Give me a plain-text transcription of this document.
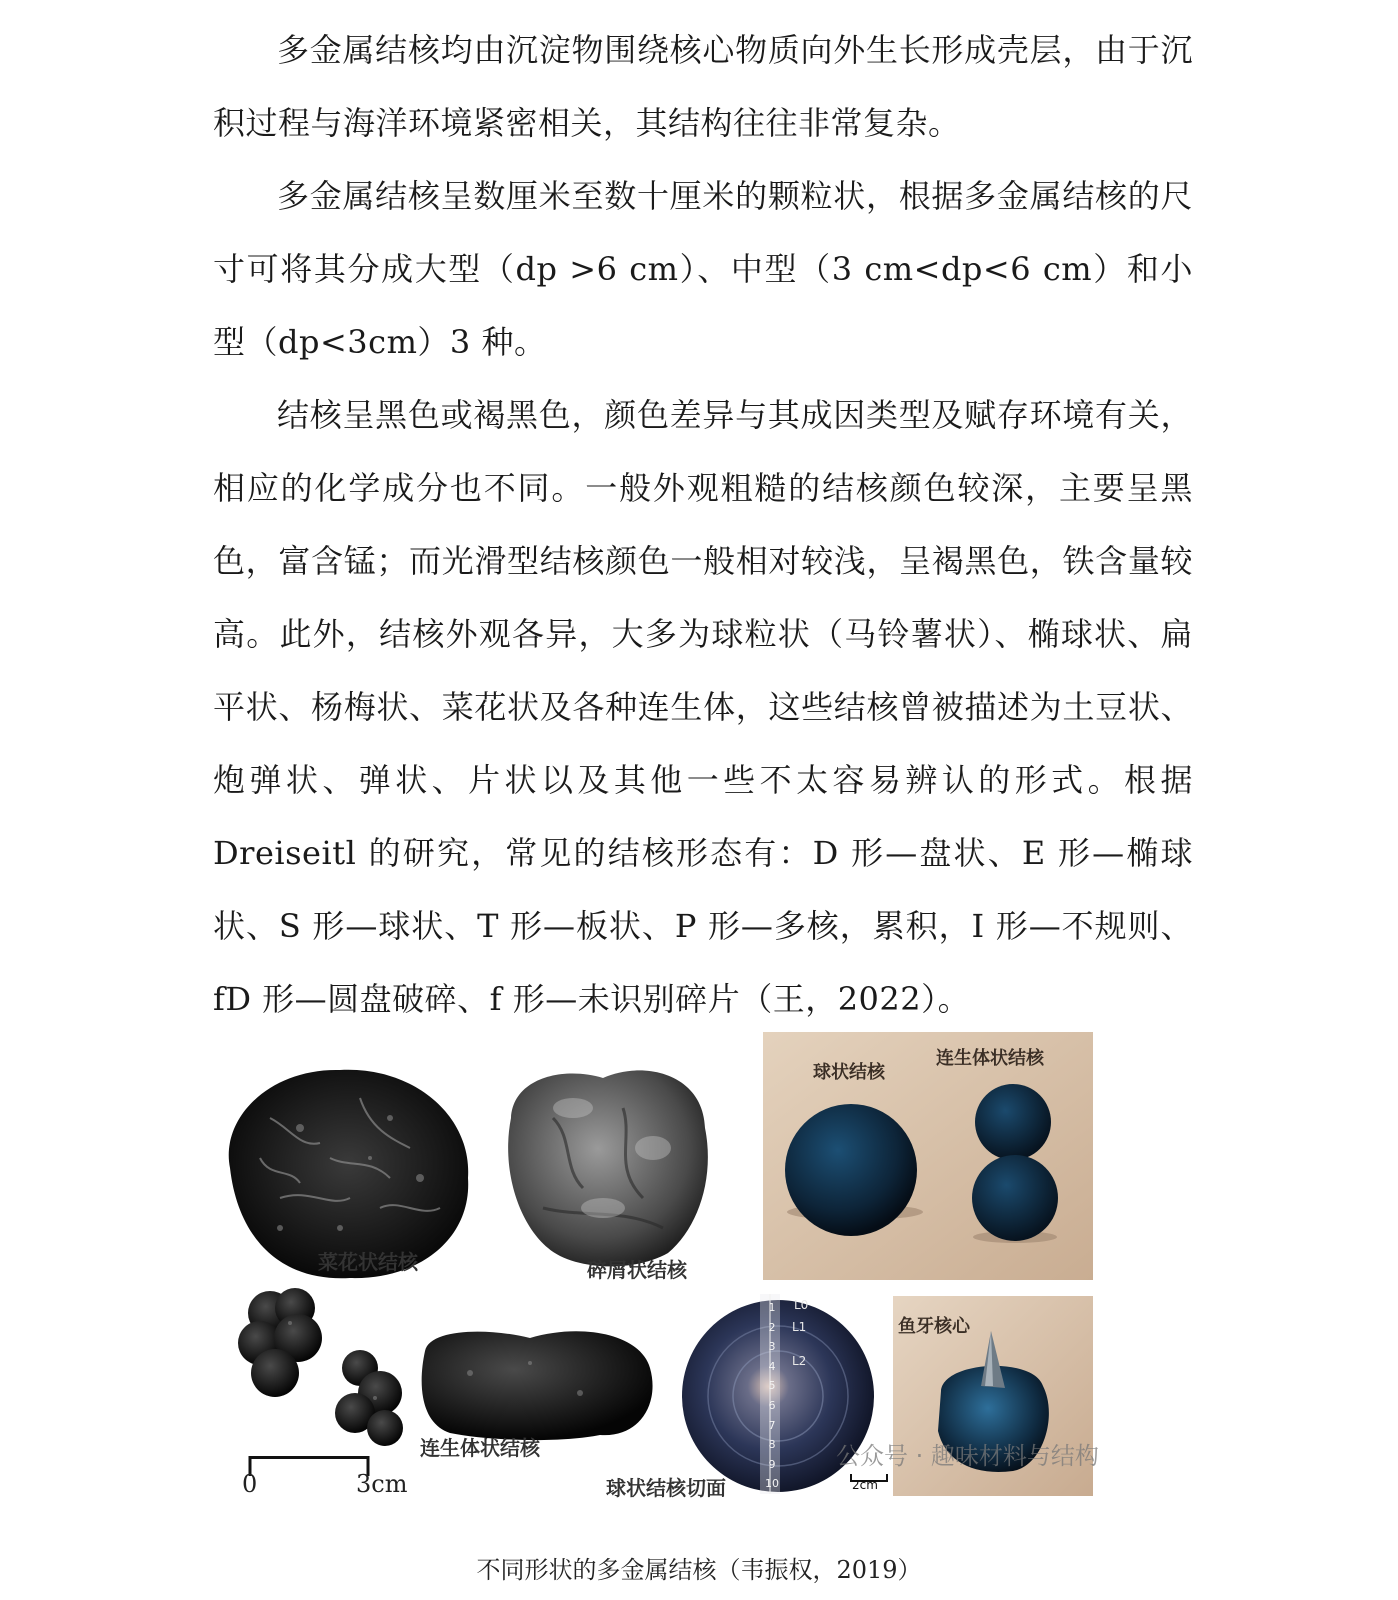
多金属结核均由沉淀物围绕核心物质向外生长形成壳层，由于沉积过程与海洋环境紧密相关，其结构往往非常复杂。

多金属结核呈数厘米至数十厘米的颗粒状，根据多金属结核的尺寸可将其分成大型（dp >6 cm）、中型（3 cm<dp<6 cm）和小型（dp<3cm）3 种。

结核呈黑色或褐黑色，颜色差异与其成因类型及赋存环境有关，相应的化学成分也不同。一般外观粗糙的结核颜色较深，主要呈黑色，富含锰；而光滑型结核颜色一般相对较浅，呈褐黑色，铁含量较高。此外，结核外观各异，大多为球粒状（马铃薯状）、椭球状、扁平状、杨梅状、菜花状及各种连生体，这些结核曾被描述为土豆状、炮弹状、弹状、片状以及其他一些不太容易辨认的形式。根据 Dreiseitl 的研究，常见的结核形态有：D 形—盘状、E 形—椭球状、S 形—球状、T 形—板状、P 形—多核，累积，I 形—不规则、fD 形—圆盘破碎、f 形—未识别碎片（王，2022）。

菜花状结核	碎屑状结核
球状结核
连生体状结核
连生体状结核
0	3cm
1
2
3
4
5
6
7
8
9
10
L0
L1
L2
球状结核切面
鱼牙核心
2cm
公众号 · 趣味材料与结构
不同形状的多金属结核（韦振权，2019）
